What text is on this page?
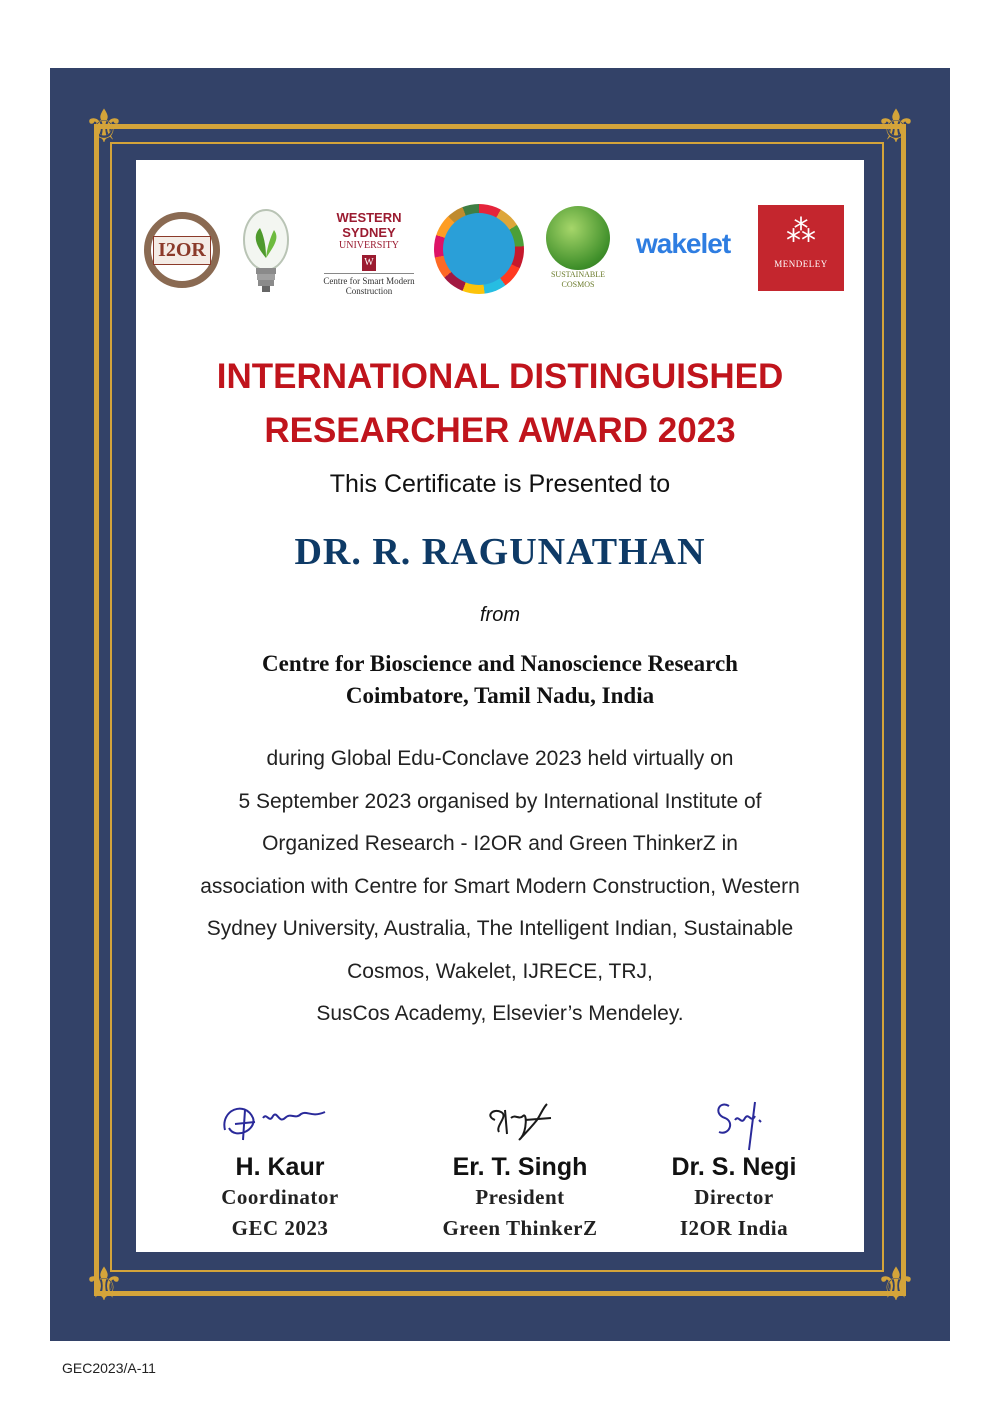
⚜	⚜
⚜	⚜
I2OR
WESTERN SYDNEY
UNIVERSITY
W
Centre for Smart Modern Construction
SUSTAINABLE COSMOS
wakelet	⁂
MENDELEY
INTERNATIONAL DISTINGUISHED
RESEARCHER AWARD 2023
This Certificate is Presented to
DR. R. RAGUNATHAN
from
Centre for Bioscience and Nanoscience Research
Coimbatore, Tamil Nadu, India
during Global Edu-Conclave 2023 held virtually on
5 September 2023 organised by International Institute of
Organized Research - I2OR and Green ThinkerZ in
association with Centre for Smart Modern Construction, Western
Sydney University, Australia, The Intelligent Indian, Sustainable
Cosmos, Wakelet, IJRECE, TRJ,
SusCos Academy, Elsevier’s Mendeley.
H. Kaur
Coordinator
GEC 2023
Er. T. Singh
President
Green ThinkerZ
Dr. S. Negi
Director
I2OR India
GEC2023/A-11
